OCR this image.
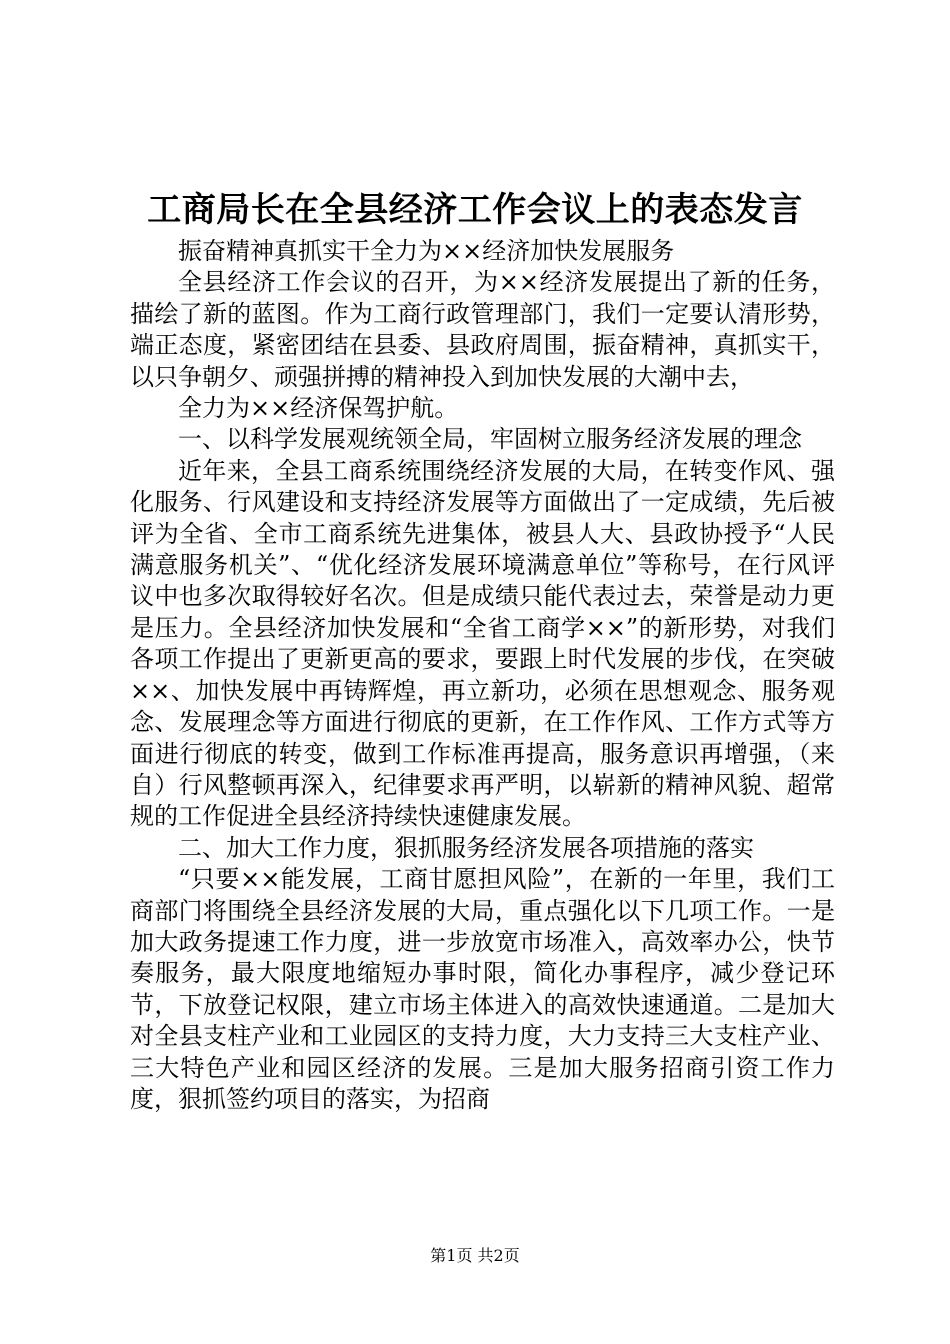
工商局长在全县经济工作会议上的表态发言

振奋精神真抓实干全力为××经济加快发展服务

全县经济工作会议的召开，为××经济发展提出了新的任务，描绘了新的蓝图。作为工商行政管理部门，我们一定要认清形势，端正态度，紧密团结在县委、县政府周围，振奋精神，真抓实干，以只争朝夕、顽强拼搏的精神投入到加快发展的大潮中去，

全力为××经济保驾护航。

一、以科学发展观统领全局，牢固树立服务经济发展的理念

近年来，全县工商系统围绕经济发展的大局，在转变作风、强化服务、行风建设和支持经济发展等方面做出了一定成绩，先后被评为全省、全市工商系统先进集体，被县人大、县政协授予“人民满意服务机关”、“优化经济发展环境满意单位”等称号，在行风评议中也多次取得较好名次。但是成绩只能代表过去，荣誉是动力更是压力。全县经济加快发展和“全省工商学××”的新形势，对我们各项工作提出了更新更高的要求，要跟上时代发展的步伐，在突破××、加快发展中再铸辉煌，再立新功，必须在思想观念、服务观念、发展理念等方面进行彻底的更新，在工作作风、工作方式等方面进行彻底的转变，做到工作标准再提高，服务意识再增强，（来自）行风整顿再深入，纪律要求再严明，以崭新的精神风貌、超常规的工作促进全县经济持续快速健康发展。

二、加大工作力度，狠抓服务经济发展各项措施的落实

“只要××能发展，工商甘愿担风险”，在新的一年里，我们工商部门将围绕全县经济发展的大局，重点强化以下几项工作。一是加大政务提速工作力度，进一步放宽市场准入，高效率办公，快节奏服务，最大限度地缩短办事时限，简化办事程序，减少登记环节，下放登记权限，建立市场主体进入的高效快速通道。二是加大对全县支柱产业和工业园区的支持力度，大力支持三大支柱产业、三大特色产业和园区经济的发展。三是加大服务招商引资工作力度，狠抓签约项目的落实，为招商

第1页 共2页
